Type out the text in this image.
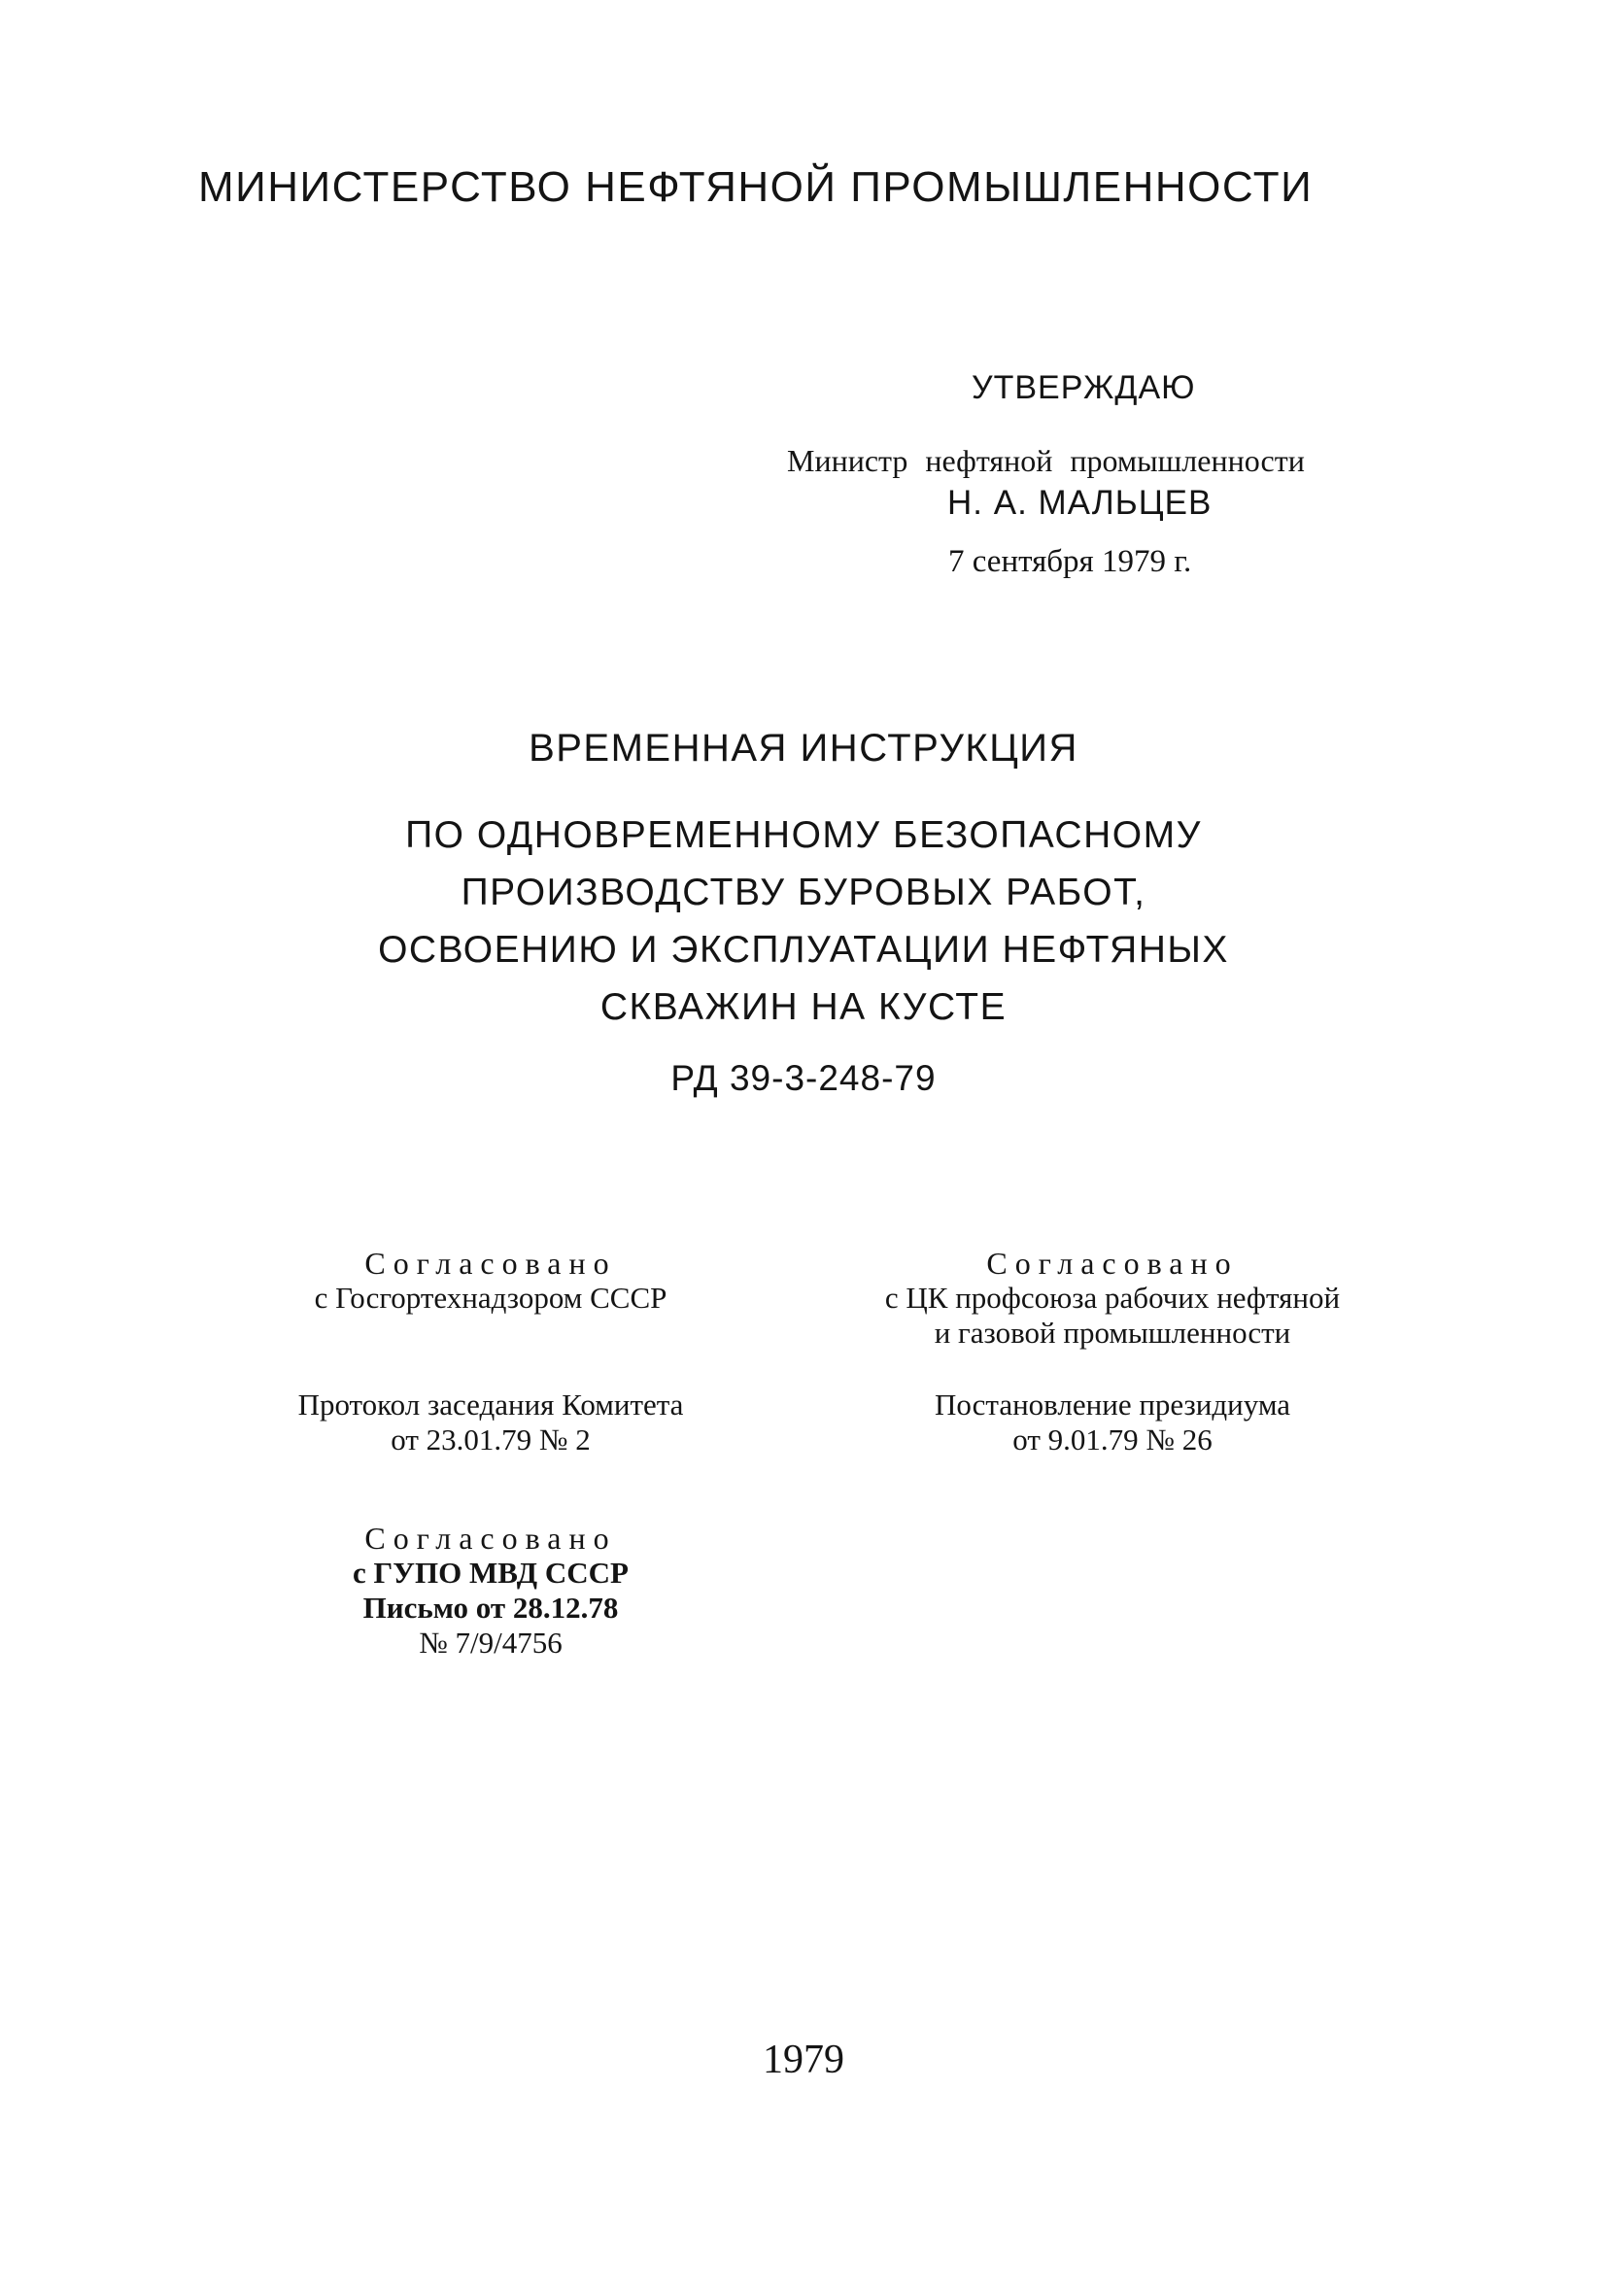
МИНИСТЕРСТВО НЕФТЯНОЙ ПРОМЫШЛЕННОСТИ
УТВЕРЖДАЮ
Министр нефтяной промышленности
Н. А. МАЛЬЦЕВ
7 сентября 1979 г.
ВРЕМЕННАЯ ИНСТРУКЦИЯ
ПО ОДНОВРЕМЕННОМУ БЕЗОПАСНОМУ
ПРОИЗВОДСТВУ БУРОВЫХ РАБОТ,
ОСВОЕНИЮ И ЭКСПЛУАТАЦИИ НЕФТЯНЫХ
СКВАЖИН НА КУСТЕ
РД 39-3-248-79
Согласовано
с Госгортехнадзором СССР
Согласовано
с ЦК профсоюза рабочих нефтяной
и газовой промышленности
Протокол заседания Комитета
от 23.01.79 № 2
Постановление президиума
от 9.01.79 № 26
Согласовано
с ГУПО МВД СССР
Письмо от 28.12.78
№ 7/9/4756
1979
